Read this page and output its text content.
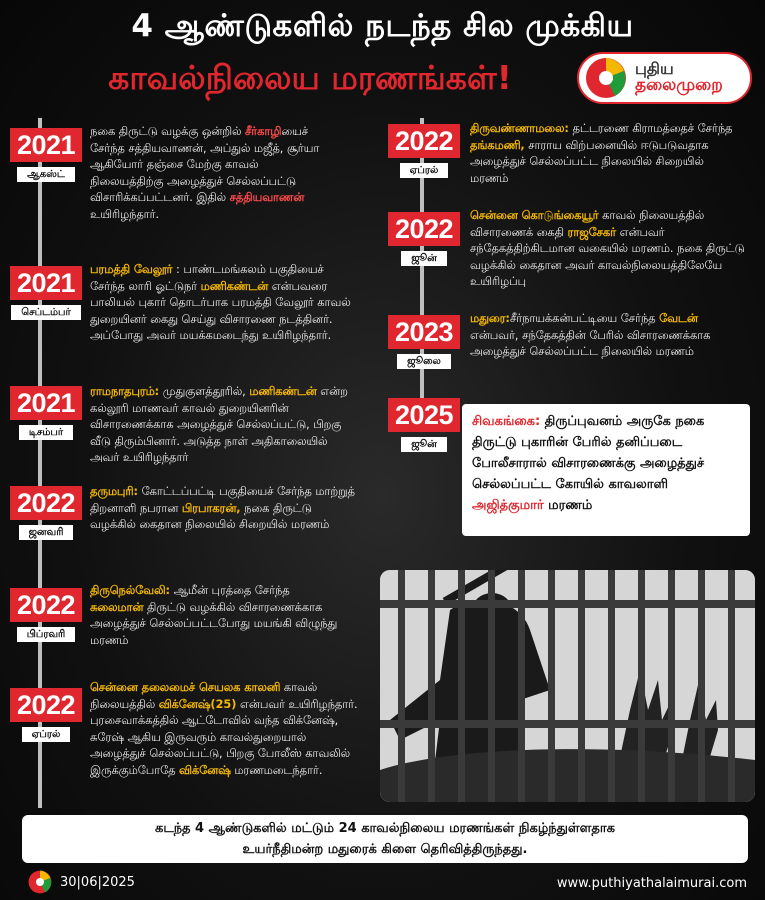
4 ஆண்டுகளில் நடந்த சில முக்கிய
காவல்நிலைய மரணங்கள்!	புதிய
தலைமுறை
2021
ஆகஸ்ட்
நகை திருட்டு வழக்கு ஒன்றில் சீர்காழியைச் சேர்ந்த சத்தியவாணன், அப்துல் மஜீத், சூர்யா ஆகியோர் தஞ்சை மேற்கு காவல் நிலையத்திற்கு அழைத்துச் செல்லப்பட்டு விசாரிக்கப்பட்டனர். இதில் சத்தியவாணன் உயிரிழந்தார்.
2021
செப்டம்பர்
பரமத்தி வேலூர் : பாண்டமங்கலம் பகுதியைச் சேர்ந்த லாரி ஓட்டுநர் மணிகண்டன் என்பவரை பாலியல் புகார் தொடர்பாக பரமத்தி வேலூர் காவல் துறையினர் கைது செய்து விசாரணை நடத்தினர். அப்போது அவர் மயக்கமடைந்து உயிரிழந்தார்.
2021
டிசம்பர்
ராமநாதபுரம்: முதுகுளத்தூரில், மணிகண்டன் என்ற கல்லூரி மாணவர் காவல் துறையினரின் விசாரணைக்காக அழைத்துச் செல்லப்பட்டு, பிறகு வீடு திரும்பினார். அடுத்த நாள் அதிகாலையில் அவர் உயிரிழந்தார்
2022
ஜனவரி
தருமபுரி: கோட்டப்பட்டி பகுதியைச் சேர்ந்த மாற்றுத் திறனாளி நபரான பிரபாகரன், நகை திருட்டு வழக்கில் கைதான நிலையில் சிறையில் மரணம்
2022
பிப்ரவரி
திருநெல்வேலி: ஆமீன் புரத்தை சேர்ந்த சுலைமான் திருட்டு வழக்கில் விசாரணைக்காக அழைத்துச் செல்லப்பட்டபோது மயங்கி விழுந்து மரணம்
2022
ஏப்ரல்
சென்னை தலைமைச் செயலக காலனி காவல் நிலையத்தில் விக்னேஷ்(25) என்பவர் உயிரிழந்தார். புரசைவாக்கத்தில் ஆட்டோவில் வந்த விக்னேஷ், சுரேஷ் ஆகிய இருவரும் காவல்துறையால் அழைத்துச் செல்லப்பட்டு, பிறகு போலீஸ் காவலில் இருக்கும்போதே விக்னேஷ் மரணமடைந்தார்.
2022
ஏப்ரல்
திருவண்ணாமலை: தட்டரணை கிராமத்தைச் சேர்ந்த தங்கமணி, சாராய விற்பனையில் ஈடுபடுவதாக அழைத்துச் செல்லப்பட்ட நிலையில் சிறையில் மரணம்
2022
ஜூன்
சென்னை கொடுங்கையூர் காவல் நிலையத்தில் விசாரணைக் கைதி ராஜசேகர் என்பவர் சந்தேகத்திற்கிடமான வகையில் மரணம். நகை திருட்டு வழக்கில் கைதான அவர் காவல்நிலையத்திலேயே உயிரிழப்பு
2023
ஜூலை
மதுரை:சீர்நாயக்கன்பட்டியை சேர்ந்த வேடன் என்பவர், சந்தேகத்தின் பேரில் விசாரணைக்காக அழைத்துச் செல்லப்பட்ட நிலையில் மரணம்
2025
ஜூன்
சிவகங்கை: திருப்புவனம் அருகே நகை திருட்டு புகாரின் பேரில் தனிப்படை போலீசாரால் விசாரணைக்கு அழைத்துச் செல்லப்பட்ட கோயில் காவலாளி அஜித்குமார் மரணம்
கடந்த 4 ஆண்டுகளில் மட்டும் 24 காவல்நிலைய மரணங்கள் நிகழ்ந்துள்ளதாக
உயர்நீதிமன்ற மதுரைக் கிளை தெரிவித்திருந்தது.
30|06|2025	www.puthiyathalaimurai.com
